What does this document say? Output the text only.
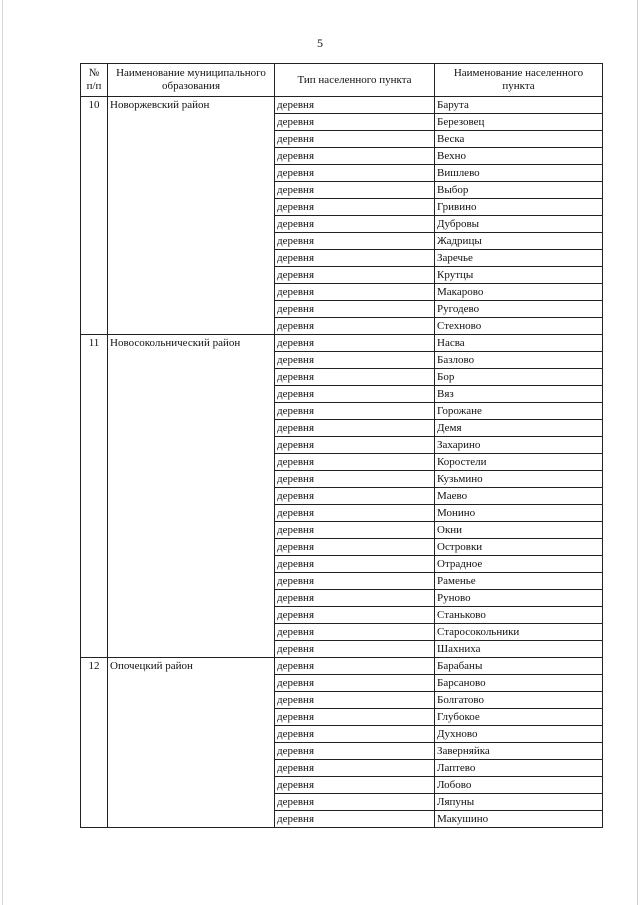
5
№ п/п	Наименование муниципального образования	Тип населенного пункта	Наименование населенного пункта
10	Новоржевский район	деревня	Барута
		деревня	Березовец
		деревня	Веска
		деревня	Вехно
		деревня	Вишлево
		деревня	Выбор
		деревня	Гривино
		деревня	Дубровы
		деревня	Жадрицы
		деревня	Заречье
		деревня	Крутцы
		деревня	Макарово
		деревня	Ругодево
		деревня	Стехново
11	Новосокольнический район	деревня	Насва
		деревня	Базлово
		деревня	Бор
		деревня	Вяз
		деревня	Горожане
		деревня	Демя
		деревня	Захарино
		деревня	Коростели
		деревня	Кузьмино
		деревня	Маево
		деревня	Монино
		деревня	Окни
		деревня	Островки
		деревня	Отрадное
		деревня	Раменье
		деревня	Руново
		деревня	Станьково
		деревня	Старосокольники
		деревня	Шахниха
12	Опочецкий район	деревня	Барабаны
		деревня	Барсаново
		деревня	Болгатово
		деревня	Глубокое
		деревня	Духново
		деревня	Заверняйка
		деревня	Лаптево
		деревня	Лобово
		деревня	Ляпуны
		деревня	Макушино
